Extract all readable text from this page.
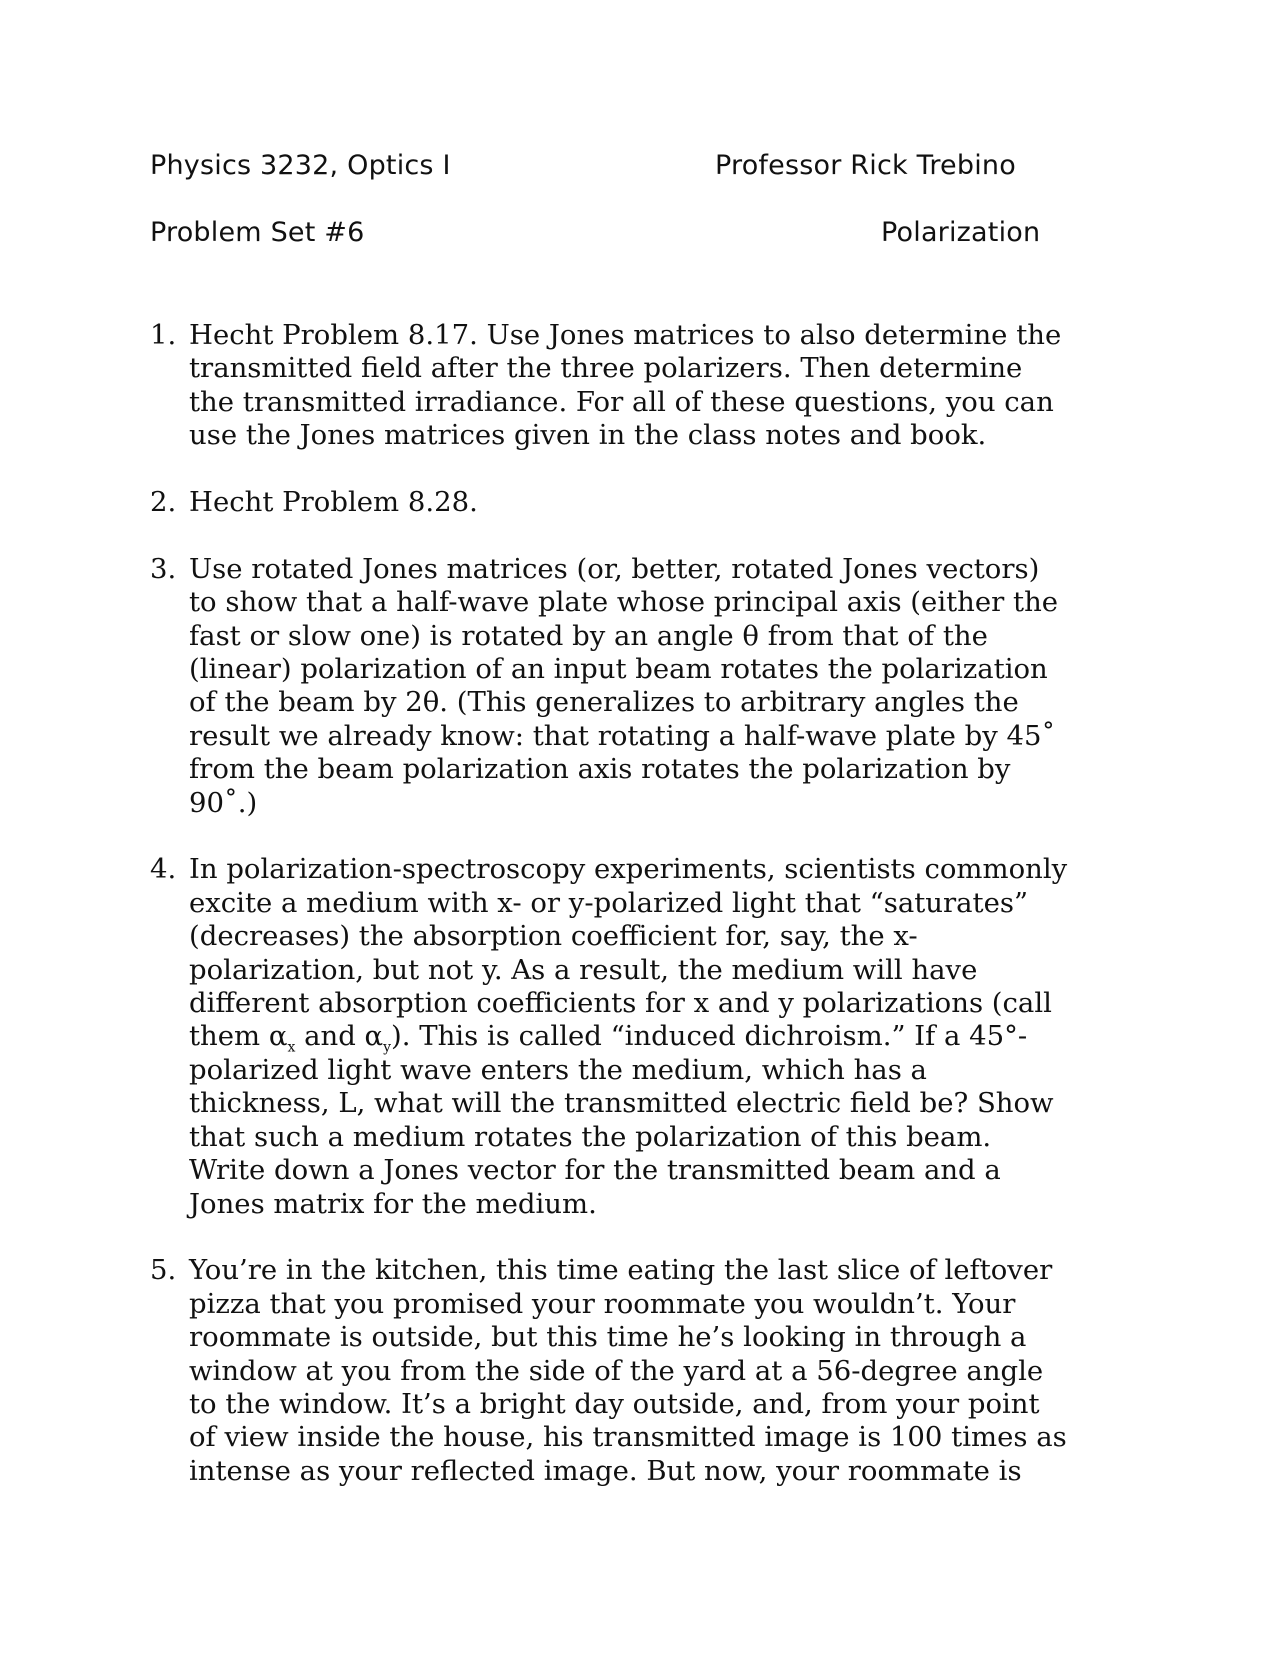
Physics 3232, Optics I	Professor Rick Trebino
Problem Set #6	Polarization
1. Hecht Problem 8.17. Use Jones matrices to also determine the
transmitted field after the three polarizers. Then determine
the transmitted irradiance. For all of these questions, you can
use the Jones matrices given in the class notes and book.
2. Hecht Problem 8.28.
3. Use rotated Jones matrices (or, better, rotated Jones vectors)
to show that a half-wave plate whose principal axis (either the
fast or slow one) is rotated by an angle θ from that of the
(linear) polarization of an input beam rotates the polarization
of the beam by 2θ. (This generalizes to arbitrary angles the
result we already know: that rotating a half-wave plate by 45˚
from the beam polarization axis rotates the polarization by
90˚.)
4. In polarization-spectroscopy experiments, scientists commonly
excite a medium with x- or y-polarized light that “saturates”
(decreases) the absorption coefficient for, say, the x-
polarization, but not y. As a result, the medium will have
different absorption coefficients for x and y polarizations (call
them $\alpha_x$ and $\alpha_y$). This is called “induced dichroism.” If a 45°-
polarized light wave enters the medium, which has a
thickness, L, what will the transmitted electric field be? Show
that such a medium rotates the polarization of this beam.
Write down a Jones vector for the transmitted beam and a
Jones matrix for the medium.
5. You’re in the kitchen, this time eating the last slice of leftover
pizza that you promised your roommate you wouldn’t. Your
roommate is outside, but this time he’s looking in through a
window at you from the side of the yard at a 56-degree angle
to the window. It’s a bright day outside, and, from your point
of view inside the house, his transmitted image is 100 times as
intense as your reflected image. But now, your roommate is
